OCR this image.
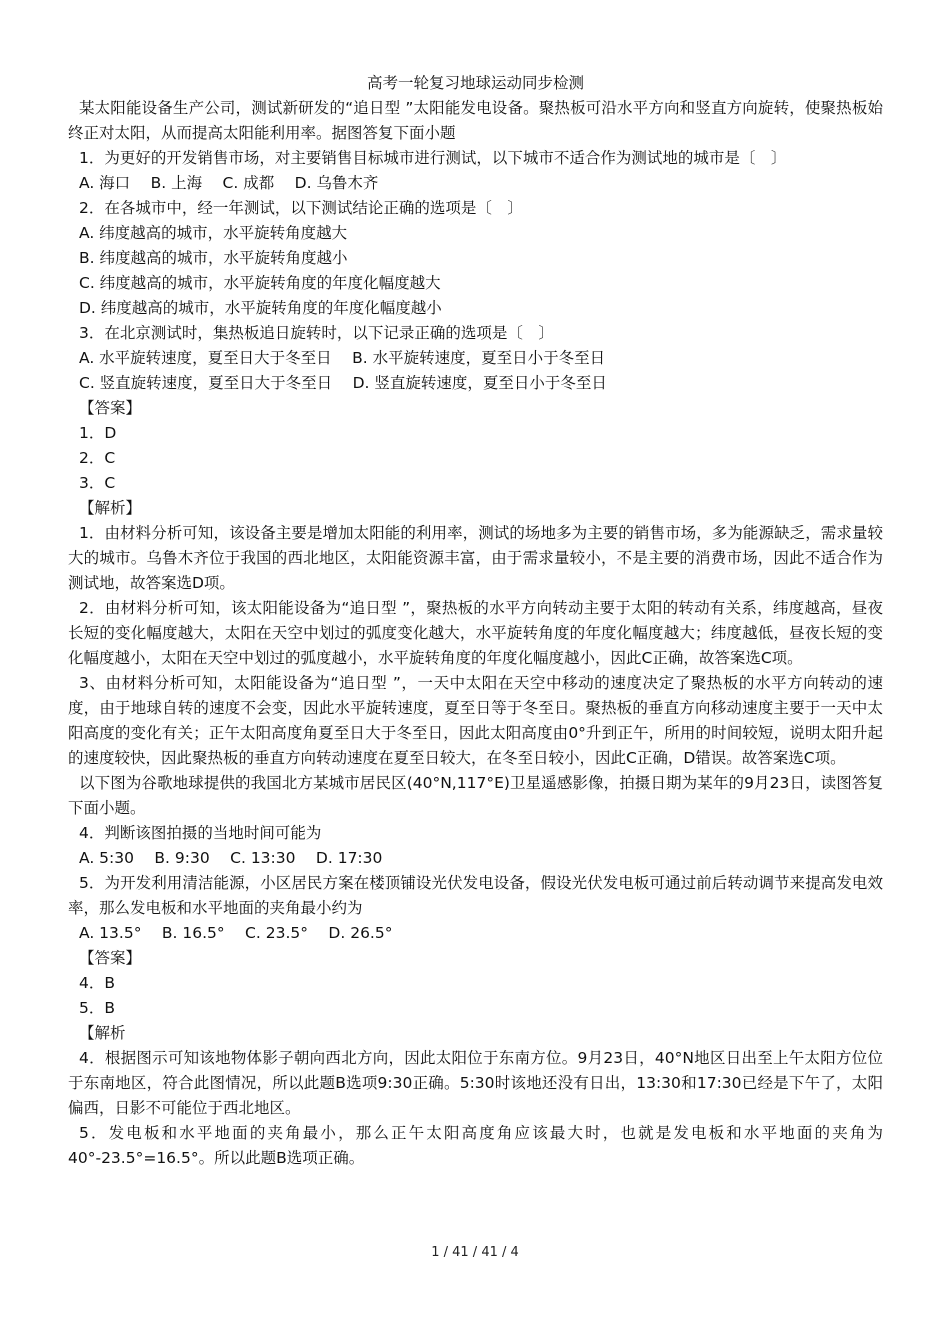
高考一轮复习地球运动同步检测

某太阳能设备生产公司，测试新研发的“追日型 ”太阳能发电设备。聚热板可沿水平方向和竖直方向旋转，使聚热板始终正对太阳，从而提高太阳能利用率。据图答复下面小题

1．为更好的开发销售市场，对主要销售目标城市进行测试，以下城市不适合作为测试地的城市是〔　〕

A. 海口　 B. 上海　 C. 成都　 D. 乌鲁木齐

2．在各城市中，经一年测试，以下测试结论正确的选项是〔　〕

A. 纬度越高的城市，水平旋转角度越大

B. 纬度越高的城市，水平旋转角度越小

C. 纬度越高的城市，水平旋转角度的年度化幅度越大

D. 纬度越高的城市，水平旋转角度的年度化幅度越小

3．在北京测试时，集热板追日旋转时，以下记录正确的选项是〔　〕

A. 水平旋转速度，夏至日大于冬至日　 B. 水平旋转速度，夏至日小于冬至日

C. 竖直旋转速度，夏至日大于冬至日　 D. 竖直旋转速度，夏至日小于冬至日

【答案】

1．D

2．C

3．C

【解析】

1．由材料分析可知，该设备主要是增加太阳能的利用率，测试的场地多为主要的销售市场，多为能源缺乏，需求量较大的城市。乌鲁木齐位于我国的西北地区，太阳能资源丰富，由于需求量较小，不是主要的消费市场，因此不适合作为测试地，故答案选D项。

2．由材料分析可知，该太阳能设备为“追日型 ”，聚热板的水平方向转动主要于太阳的转动有关系，纬度越高，昼夜长短的变化幅度越大，太阳在天空中划过的弧度变化越大，水平旋转角度的年度化幅度越大；纬度越低，昼夜长短的变化幅度越小，太阳在天空中划过的弧度越小，水平旋转角度的年度化幅度越小，因此C正确，故答案选C项。

3、由材料分析可知，太阳能设备为“追日型 ”，一天中太阳在天空中移动的速度决定了聚热板的水平方向转动的速度，由于地球自转的速度不会变，因此水平旋转速度，夏至日等于冬至日。聚热板的垂直方向移动速度主要于一天中太阳高度的变化有关；正午太阳高度角夏至日大于冬至日，因此太阳高度由0°升到正午，所用的时间较短，说明太阳升起的速度较快，因此聚热板的垂直方向转动速度在夏至日较大，在冬至日较小，因此C正确，D错误。故答案选C项。

以下图为谷歌地球提供的我国北方某城市居民区(40°N,117°E)卫星遥感影像，拍摄日期为某年的9月23日，读图答复下面小题。

4．判断该图拍摄的当地时间可能为

A. 5:30　 B. 9:30　 C. 13:30　 D. 17:30

5．为开发利用清洁能源，小区居民方案在楼顶铺设光伏发电设备，假设光伏发电板可通过前后转动调节来提高发电效率，那么发电板和水平地面的夹角最小约为

A. 13.5°　 B. 16.5°　 C. 23.5°　 D. 26.5°

【答案】

4．B

5．B

【解析

4．根据图示可知该地物体影子朝向西北方向，因此太阳位于东南方位。9月23日，40°N地区日出至上午太阳方位位于东南地区，符合此图情况，所以此题B选项9:30正确。5:30时该地还没有日出，13:30和17:30已经是下午了，太阳偏西，日影不可能位于西北地区。

5．发电板和水平地面的夹角最小，那么正午太阳高度角应该最大时，也就是发电板和水平地面的夹角为40°-23.5°=16.5°。所以此题B选项正确。

1 / 41 / 41 / 4
